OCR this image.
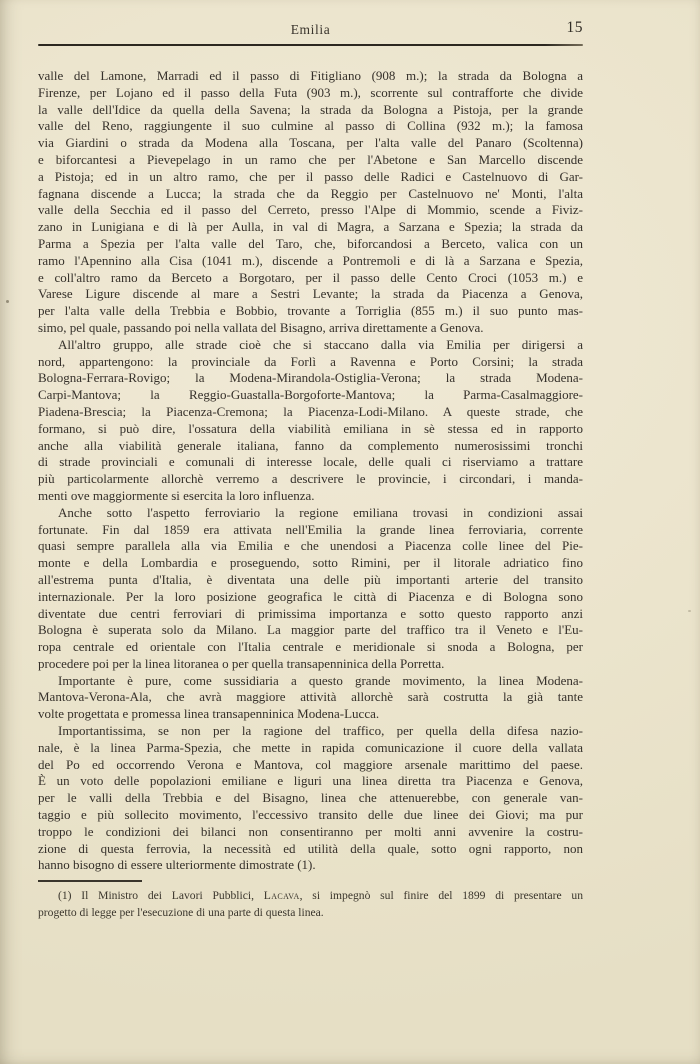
Emilia	15
valle del Lamone, Marradi ed il passo di Fitigliano (908 m.); la strada da Bologna a
Firenze, per Lojano ed il passo della Futa (903 m.), scorrente sul contrafforte che divide
la valle dell'Idice da quella della Savena; la strada da Bologna a Pistoja, per la grande
valle del Reno, raggiungente il suo culmine al passo di Collina (932 m.); la famosa
via Giardini o strada da Modena alla Toscana, per l'alta valle del Panaro (Scoltenna)
e biforcantesi a Pievepelago in un ramo che per l'Abetone e San Marcello discende
a Pistoja; ed in un altro ramo, che per il passo delle Radici e Castelnuovo di Gar-
fagnana discende a Lucca; la strada che da Reggio per Castelnuovo ne' Monti, l'alta
valle della Secchia ed il passo del Cerreto, presso l'Alpe di Mommio, scende a Fiviz-
zano in Lunigiana e di là per Aulla, in val di Magra, a Sarzana e Spezia; la strada da
Parma a Spezia per l'alta valle del Taro, che, biforcandosi a Berceto, valica con un
ramo l'Apennino alla Cisa (1041 m.), discende a Pontremoli e di là a Sarzana e Spezia,
e coll'altro ramo da Berceto a Borgotaro, per il passo delle Cento Croci (1053 m.) e
Varese Ligure discende al mare a Sestri Levante; la strada da Piacenza a Genova,
per l'alta valle della Trebbia e Bobbio, trovante a Torriglia (855 m.) il suo punto mas-
simo, pel quale, passando poi nella vallata del Bisagno, arriva direttamente a Genova.
All'altro gruppo, alle strade cioè che si staccano dalla via Emilia per dirigersi a
nord, appartengono: la provinciale da Forlì a Ravenna e Porto Corsini; la strada
Bologna-Ferrara-Rovigo; la Modena-Mirandola-Ostiglia-Verona; la strada Modena-
Carpi-Mantova; la Reggio-Guastalla-Borgoforte-Mantova; la Parma-Casalmaggiore-
Piadena-Brescia; la Piacenza-Cremona; la Piacenza-Lodi-Milano. A queste strade, che
formano, si può dire, l'ossatura della viabilità emiliana in sè stessa ed in rapporto
anche alla viabilità generale italiana, fanno da complemento numerosissimi tronchi
di strade provinciali e comunali di interesse locale, delle quali ci riserviamo a trattare
più particolarmente allorchè verremo a descrivere le provincie, i circondari, i manda-
menti ove maggiormente si esercita la loro influenza.
Anche sotto l'aspetto ferroviario la regione emiliana trovasi in condizioni assai
fortunate. Fin dal 1859 era attivata nell'Emilia la grande linea ferroviaria, corrente
quasi sempre parallela alla via Emilia e che unendosi a Piacenza colle linee del Pie-
monte e della Lombardia e proseguendo, sotto Rimini, per il litorale adriatico fino
all'estrema punta d'Italia, è diventata una delle più importanti arterie del transito
internazionale. Per la loro posizione geografica le città di Piacenza e di Bologna sono
diventate due centri ferroviari di primissima importanza e sotto questo rapporto anzi
Bologna è superata solo da Milano. La maggior parte del traffico tra il Veneto e l'Eu-
ropa centrale ed orientale con l'Italia centrale e meridionale si snoda a Bologna, per
procedere poi per la linea litoranea o per quella transapenninica della Porretta.
Importante è pure, come sussidiaria a questo grande movimento, la linea Modena-
Mantova-Verona-Ala, che avrà maggiore attività allorchè sarà costrutta la già tante
volte progettata e promessa linea transapenninica Modena-Lucca.
Importantissima, se non per la ragione del traffico, per quella della difesa nazio-
nale, è la linea Parma-Spezia, che mette in rapida comunicazione il cuore della vallata
del Po ed occorrendo Verona e Mantova, col maggiore arsenale marittimo del paese.
È un voto delle popolazioni emiliane e liguri una linea diretta tra Piacenza e Genova,
per le valli della Trebbia e del Bisagno, linea che attenuerebbe, con generale van-
taggio e più sollecito movimento, l'eccessivo transito delle due linee dei Giovi; ma pur
troppo le condizioni dei bilanci non consentiranno per molti anni avvenire la costru-
zione di questa ferrovia, la necessità ed utilità della quale, sotto ogni rapporto, non
hanno bisogno di essere ulteriormente dimostrate (1).
(1) Il Ministro dei Lavori Pubblici, Lacava, si impegnò sul finire del 1899 di presentare un
progetto di legge per l'esecuzione di una parte di questa linea.
